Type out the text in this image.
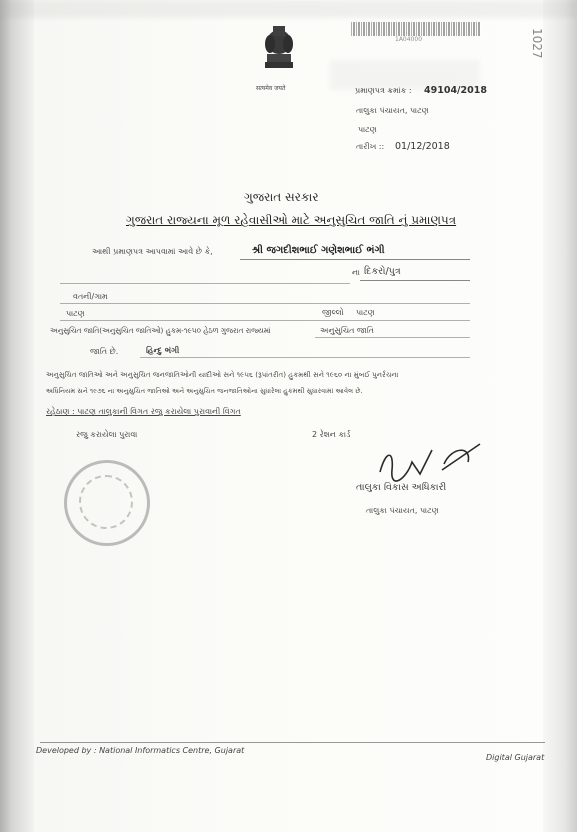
सत्यमेव जयते
1A04000	1027
પ્રમાણપત્ર ક્રમાંક : 49104/2018
તાલુકા પંચાયત, પાટણ
પાટણ
તારીખ :: 01/12/2018
ગુજરાત સરકાર
ગુજરાત રાજ્યના મૂળ રહેવાસીઓ માટે અનુસુચિત જાતિ નું પ્રમાણપત્ર
આથી પ્રમાણપત્ર આપવામાં આવે છે કે,	શ્રી જગદીશભાઈ ગણેશભાઈ ભંગી
ના દિકરો/પુત્ર
વતની/ગામ
પાટણ	જીલ્લો પાટણ
અનુસુચિત જાતિ(અનુસુચિત જાતિઓ) હુકમ-૧૯૫૦ હેઠળ ગુજરાત રાજ્યમાં	અનુસુચિત જાતિ
જાતિ છે.	હિન્દુ ભંગી
અનુસુચિત જાતિઓ અને અનુસુચિત જનજાતિઓની યાદીઓ સને ૧૯૫૬ (રૂપાંતરીત) હુકમથી સને ૧૯૬૦ ના મુંબઈ પુનર્રચના
અધિનિયમ સને ૧૯૭૬ ના અનુસુચિત જાતિઓ અને અનુસુચિત જનજાતિઓના સુધારેલા હુકમથી સુધારવામાં આવેલ છે.
રહેઠાણ : પાટણ તાલુકાની વિગત રજુ કરાયેલા પુરાવાની વિગત
રજુ કરાયેલા પુરાવા	2 રેશન કાર્ડ
તાલુકા વિકાસ અધિકારી
તાલુકા પંચાયત, પાટણ
Developed by : National Informatics Centre, Gujarat
Digital Gujarat
